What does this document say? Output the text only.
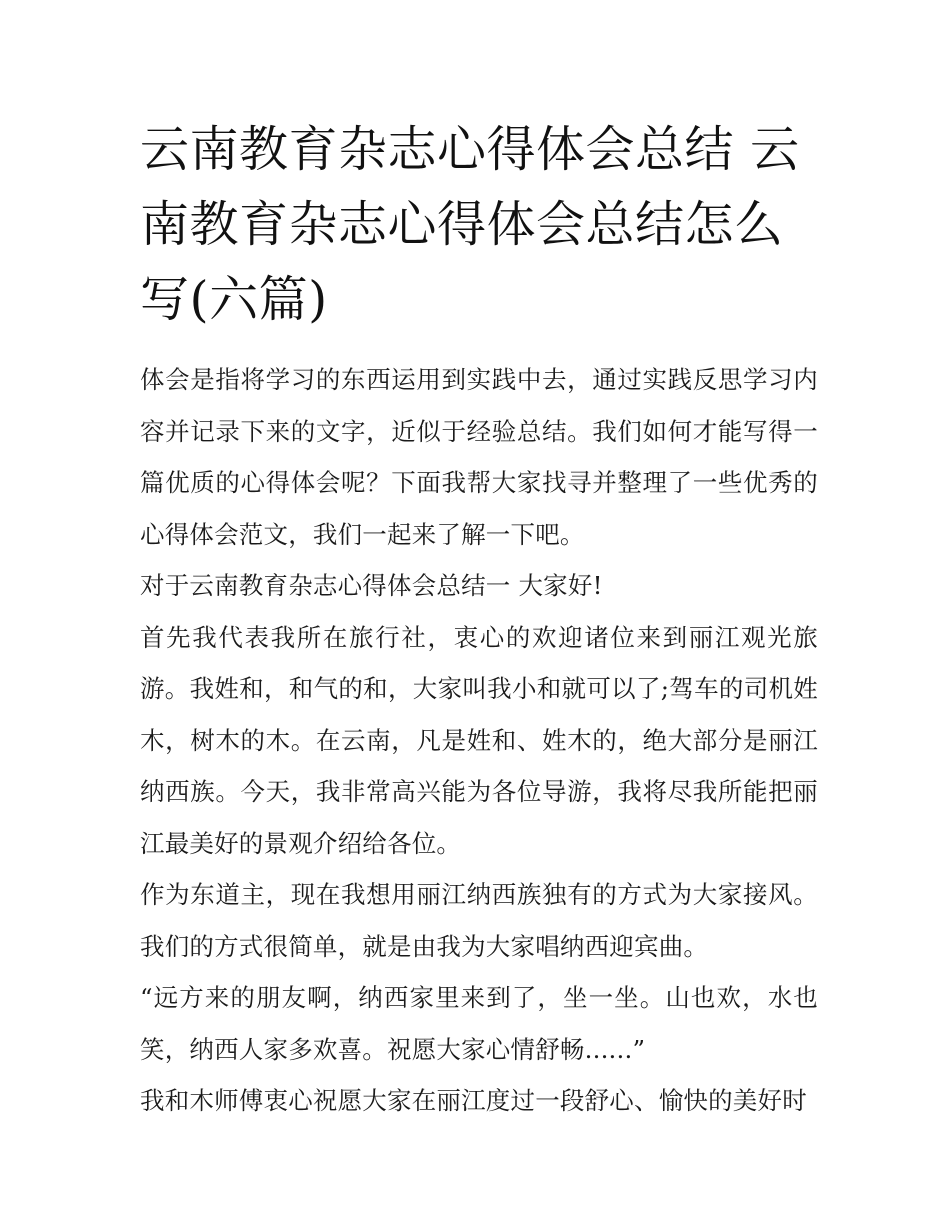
云南教育杂志心得体会总结 云南教育杂志心得体会总结怎么写(六篇)

体会是指将学习的东西运用到实践中去，通过实践反思学习内容并记录下来的文字，近似于经验总结。我们如何才能写得一篇优质的心得体会呢？下面我帮大家找寻并整理了一些优秀的心得体会范文，我们一起来了解一下吧。

对于云南教育杂志心得体会总结一 大家好!

首先我代表我所在旅行社，衷心的欢迎诸位来到丽江观光旅游。我姓和，和气的和，大家叫我小和就可以了;驾车的司机姓木，树木的木。在云南，凡是姓和、姓木的，绝大部分是丽江纳西族。今天，我非常高兴能为各位导游，我将尽我所能把丽江最美好的景观介绍给各位。

作为东道主，现在我想用丽江纳西族独有的方式为大家接风。我们的方式很简单，就是由我为大家唱纳西迎宾曲。

“远方来的朋友啊，纳西家里来到了，坐一坐。山也欢，水也笑，纳西人家多欢喜。祝愿大家心情舒畅......”

我和木师傅衷心祝愿大家在丽江度过一段舒心、愉快的美好时
